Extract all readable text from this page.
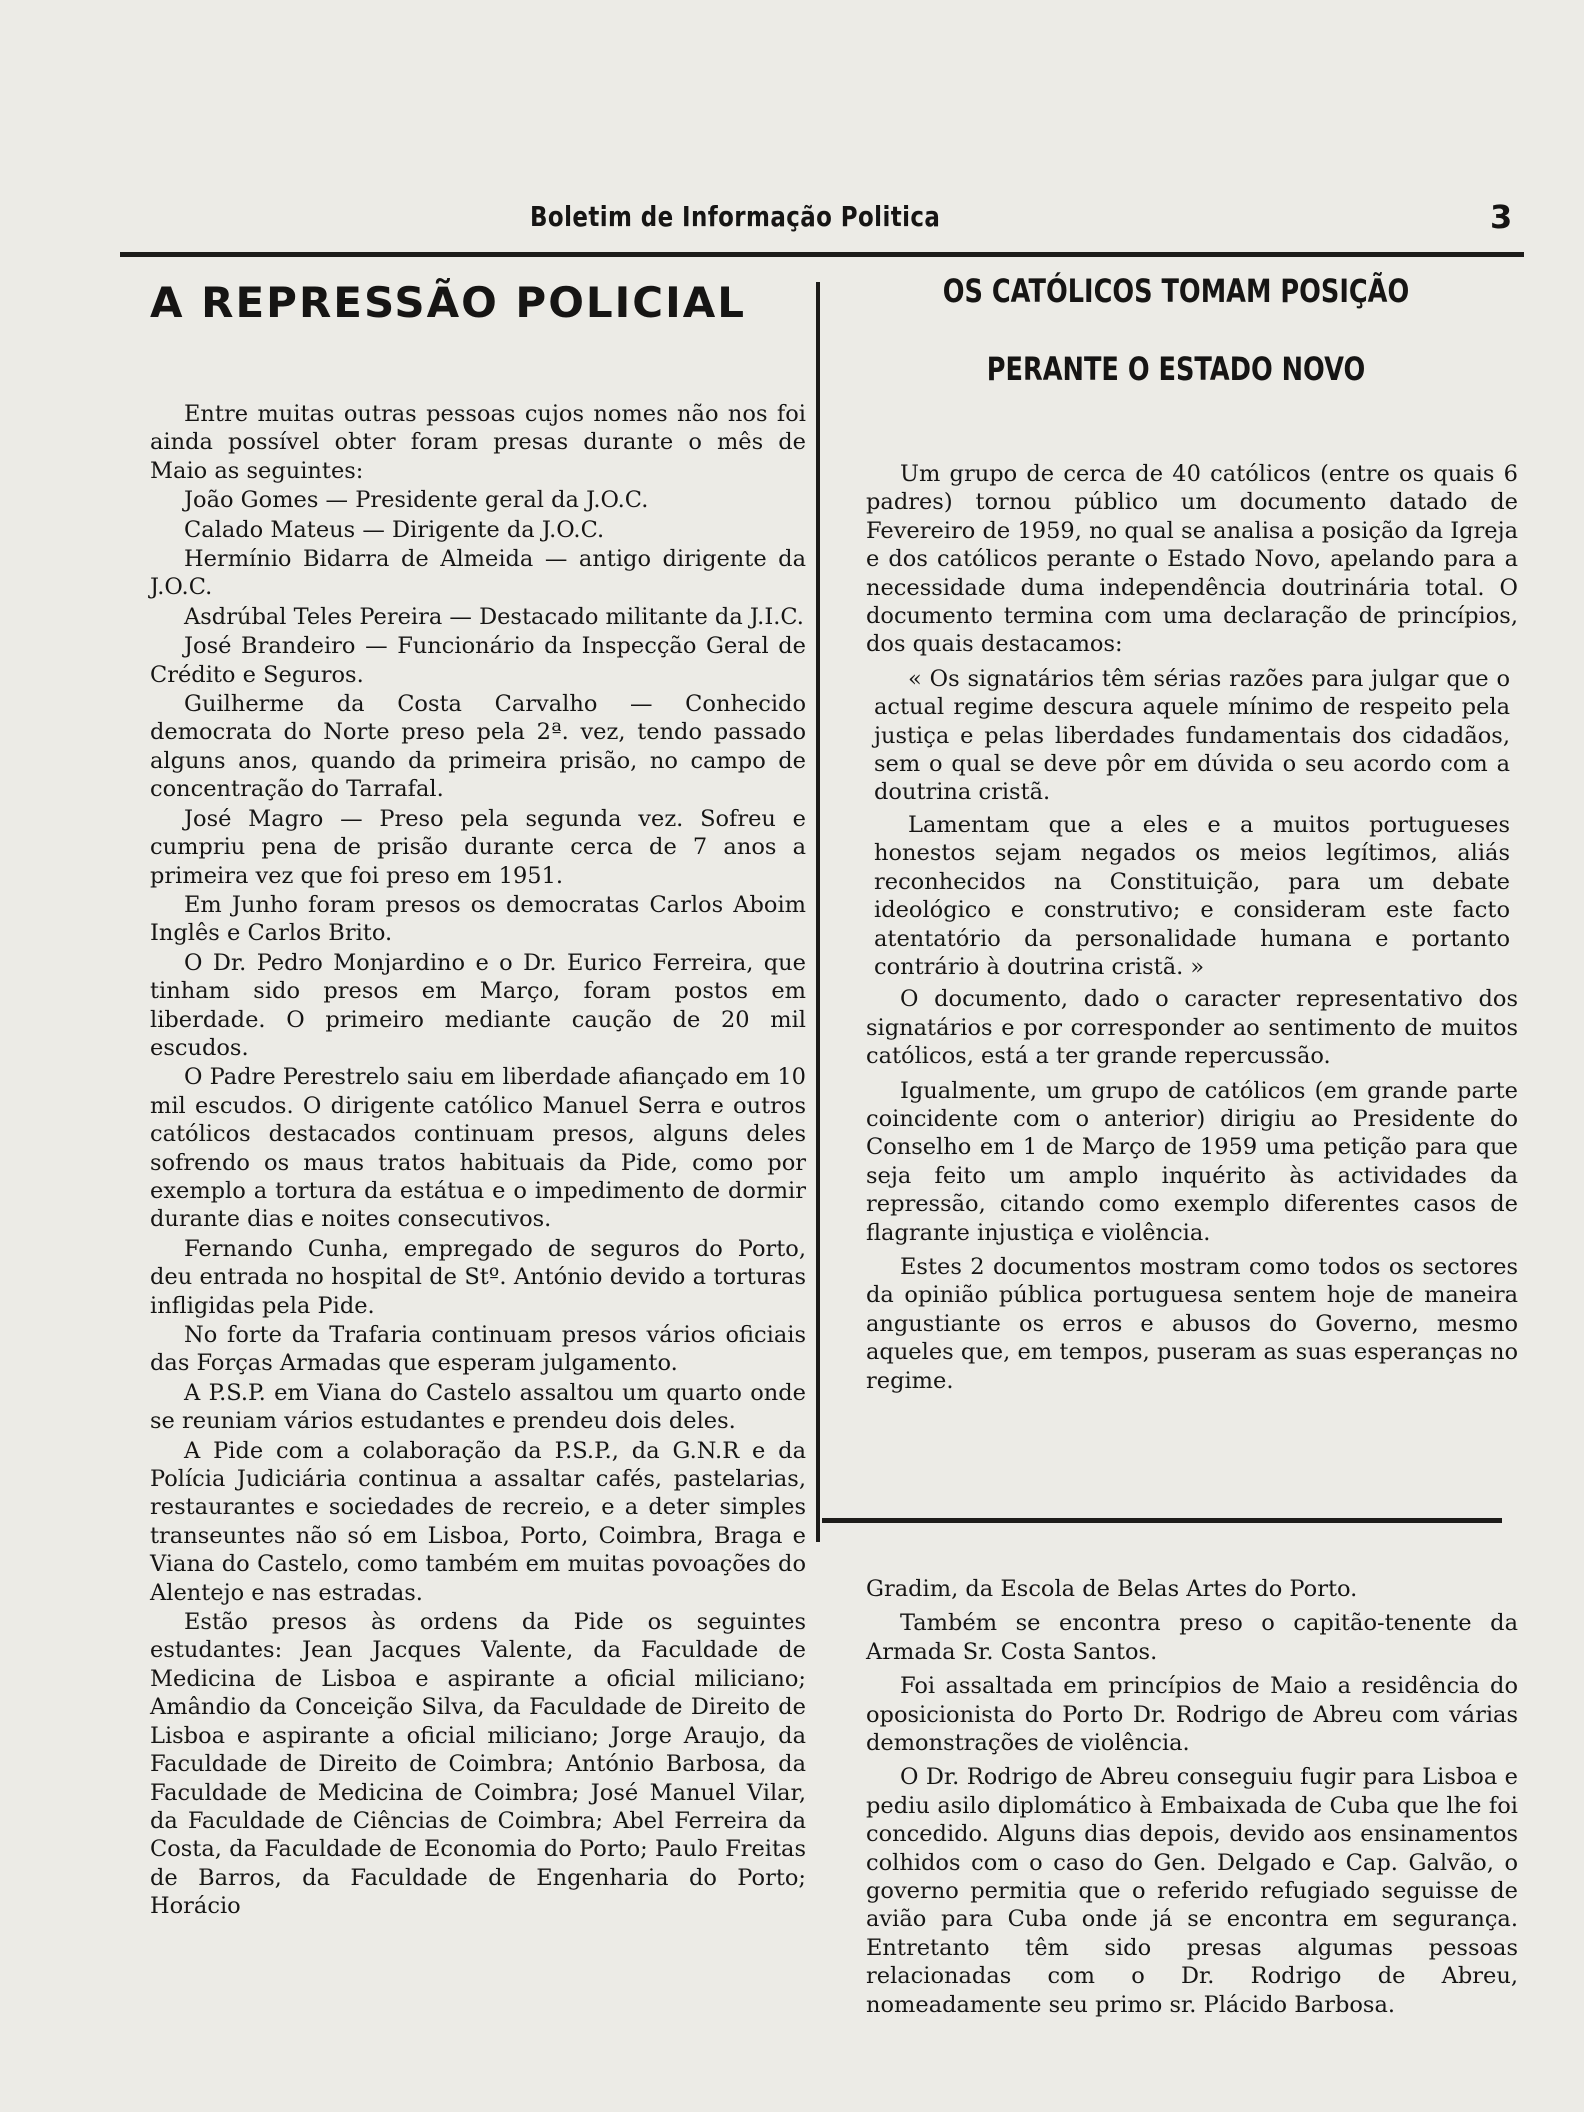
Boletim de Informação Politica	3
A REPRESSÃO POLICIAL

Entre muitas outras pessoas cujos nomes não nos foi ainda possível obter foram presas durante o mês de Maio as seguintes:

João Gomes — Presidente geral da J.O.C.

Calado Mateus — Dirigente da J.O.C.

Hermínio Bidarra de Almeida — antigo dirigente da J.O.C.

Asdrúbal Teles Pereira — Destacado militante da J.I.C.

José Brandeiro — Funcionário da Inspecção Geral de Crédito e Seguros.

Guilherme da Costa Carvalho — Conhecido democrata do Norte preso pela 2ª. vez, tendo passado alguns anos, quando da primeira prisão, no campo de concentração do Tarrafal.

José Magro — Preso pela segunda vez. Sofreu e cumpriu pena de prisão durante cerca de 7 anos a primeira vez que foi preso em 1951.

Em Junho foram presos os democratas Carlos Aboim Inglês e Carlos Brito.

O Dr. Pedro Monjardino e o Dr. Eurico Ferreira, que tinham sido presos em Março, foram postos em liberdade. O primeiro mediante caução de 20 mil escudos.

O Padre Perestrelo saiu em liberdade afiançado em 10 mil escudos. O dirigente católico Manuel Serra e outros católicos destacados continuam presos, alguns deles sofrendo os maus tratos habituais da Pide, como por exemplo a tortura da estátua e o impedimento de dormir durante dias e noites consecutivos.

Fernando Cunha, empregado de seguros do Porto, deu entrada no hospital de Stº. António devido a torturas infligidas pela Pide.

No forte da Trafaria continuam presos vários oficiais das Forças Armadas que esperam julgamento.

A P.S.P. em Viana do Castelo assaltou um quarto onde se reuniam vários estudantes e prendeu dois deles.

A Pide com a colaboração da P.S.P., da G.N.R e da Polícia Judiciária continua a assaltar cafés, pastelarias, restaurantes e sociedades de recreio, e a deter simples transeuntes não só em Lisboa, Porto, Coimbra, Braga e Viana do Castelo, como também em muitas povoações do Alentejo e nas estradas.

Estão presos às ordens da Pide os seguintes estudantes: Jean Jacques Valente, da Faculdade de Medicina de Lisboa e aspirante a oficial miliciano; Amândio da Conceição Silva, da Faculdade de Direito de Lisboa e aspirante a oficial miliciano; Jorge Araujo, da Faculdade de Direito de Coimbra; António Barbosa, da Faculdade de Medicina de Coimbra; José Manuel Vilar, da Faculdade de Ciências de Coimbra; Abel Ferreira da Costa, da Faculdade de Economia do Porto; Paulo Freitas de Barros, da Faculdade de Engenharia do Porto; Horácio

OS CATÓLICOS TOMAM POSIÇÃO
PERANTE O ESTADO NOVO

Um grupo de cerca de 40 católicos (entre os quais 6 padres) tornou público um documento datado de Fevereiro de 1959, no qual se analisa a posição da Igreja e dos católicos perante o Estado Novo, apelando para a necessidade duma independência doutrinária total. O documento termina com uma declaração de princípios, dos quais destacamos:

« Os signatários têm sérias razões para julgar que o actual regime descura aquele mínimo de respeito pela justiça e pelas liberdades fundamentais dos cidadãos, sem o qual se deve pôr em dúvida o seu acordo com a doutrina cristã.

Lamentam que a eles e a muitos portugueses honestos sejam negados os meios legítimos, aliás reconhecidos na Constituição, para um debate ideológico e construtivo; e consideram este facto atentatório da personalidade humana e portanto contrário à doutrina cristã. »

O documento, dado o caracter representativo dos signatários e por corresponder ao sentimento de muitos católicos, está a ter grande repercussão.

Igualmente, um grupo de católicos (em grande parte coincidente com o anterior) dirigiu ao Presidente do Conselho em 1 de Março de 1959 uma petição para que seja feito um amplo inquérito às actividades da repressão, citando como exemplo diferentes casos de flagrante injustiça e violência.

Estes 2 documentos mostram como todos os sectores da opinião pública portuguesa sentem hoje de maneira angustiante os erros e abusos do Governo, mesmo aqueles que, em tempos, puseram as suas esperanças no regime.

Gradim, da Escola de Belas Artes do Porto.

Também se encontra preso o capitão-tenente da Armada Sr. Costa Santos.

Foi assaltada em princípios de Maio a residência do oposicionista do Porto Dr. Rodrigo de Abreu com várias demonstrações de violência.

O Dr. Rodrigo de Abreu conseguiu fugir para Lisboa e pediu asilo diplomático à Embaixada de Cuba que lhe foi concedido. Alguns dias depois, devido aos ensinamentos colhidos com o caso do Gen. Delgado e Cap. Galvão, o governo permitia que o referido refugiado seguisse de avião para Cuba onde já se encontra em segurança. Entretanto têm sido presas algumas pessoas relacionadas com o Dr. Rodrigo de Abreu, nomeadamente seu primo sr. Plácido Barbosa.
